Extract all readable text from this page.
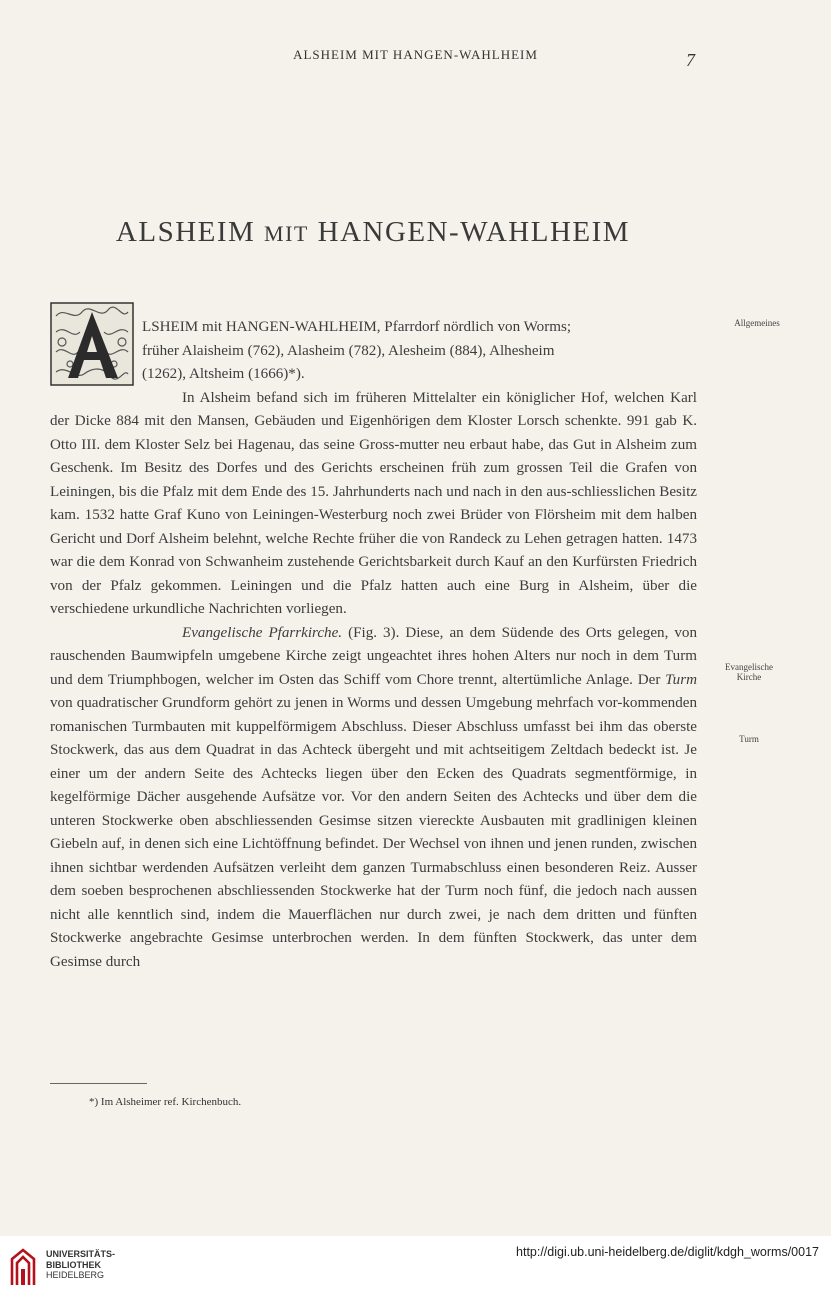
ALSHEIM MIT HANGEN-WAHLHEIM	7
ALSHEIM MIT HANGEN-WAHLHEIM

LSHEIM mit HANGEN-WAHLHEIM, Pfarrdorf nördlich von Worms;

früher Alaisheim (762), Alasheim (782), Alesheim (884), Alhesheim

(1262), Altsheim (1666)*).

In Alsheim befand sich im früheren Mittelalter ein königlicher Hof, welchen Karl der Dicke 884 mit den Mansen, Gebäuden und Eigenhörigen dem Kloster Lorsch schenkte. 991 gab K. Otto III. dem Kloster Selz bei Hagenau, das seine Gross-mutter neu erbaut habe, das Gut in Alsheim zum Geschenk. Im Besitz des Dorfes und des Gerichts erscheinen früh zum grossen Teil die Grafen von Leiningen, bis die Pfalz mit dem Ende des 15. Jahrhunderts nach und nach in den aus-schliesslichen Besitz kam. 1532 hatte Graf Kuno von Leiningen-Westerburg noch zwei Brüder von Flörsheim mit dem halben Gericht und Dorf Alsheim belehnt, welche Rechte früher die von Randeck zu Lehen getragen hatten. 1473 war die dem Konrad von Schwanheim zustehende Gerichtsbarkeit durch Kauf an den Kurfürsten Friedrich von der Pfalz gekommen. Leiningen und die Pfalz hatten auch eine Burg in Alsheim, über die verschiedene urkundliche Nachrichten vorliegen.

Evangelische Pfarrkirche. (Fig. 3). Diese, an dem Südende des Orts gelegen, von rauschenden Baumwipfeln umgebene Kirche zeigt ungeachtet ihres hohen Alters nur noch in dem Turm und dem Triumphbogen, welcher im Osten das Schiff vom Chore trennt, altertümliche Anlage. Der Turm von quadratischer Grundform gehört zu jenen in Worms und dessen Umgebung mehrfach vor-kommenden romanischen Turmbauten mit kuppelförmigem Abschluss. Dieser Abschluss umfasst bei ihm das oberste Stockwerk, das aus dem Quadrat in das Achteck übergeht und mit achtseitigem Zeltdach bedeckt ist. Je einer um der andern Seite des Achtecks liegen über den Ecken des Quadrats segmentförmige, in kegelförmige Dächer ausgehende Aufsätze vor. Vor den andern Seiten des Achtecks und über dem die unteren Stockwerke oben abschliessenden Gesimse sitzen viereckte Ausbauten mit gradlinigen kleinen Giebeln auf, in denen sich eine Lichtöffnung befindet. Der Wechsel von ihnen und jenen runden, zwischen ihnen sichtbar werdenden Aufsätzen verleiht dem ganzen Turmabschluss einen besonderen Reiz. Ausser dem soeben besprochenen abschliessenden Stockwerke hat der Turm noch fünf, die jedoch nach aussen nicht alle kenntlich sind, indem die Mauerflächen nur durch zwei, je nach dem dritten und fünften Stockwerke angebrachte Gesimse unterbrochen werden. In dem fünften Stockwerk, das unter dem Gesimse durch

Allgemeines
Evangelische
Kirche
Turm
*) Im Alsheimer ref. Kirchenbuch.
UNIVERSITÄTS-
BIBLIOTHEK
HEIDELBERG
http://digi.ub.uni-heidelberg.de/diglit/kdgh_worms/0017
